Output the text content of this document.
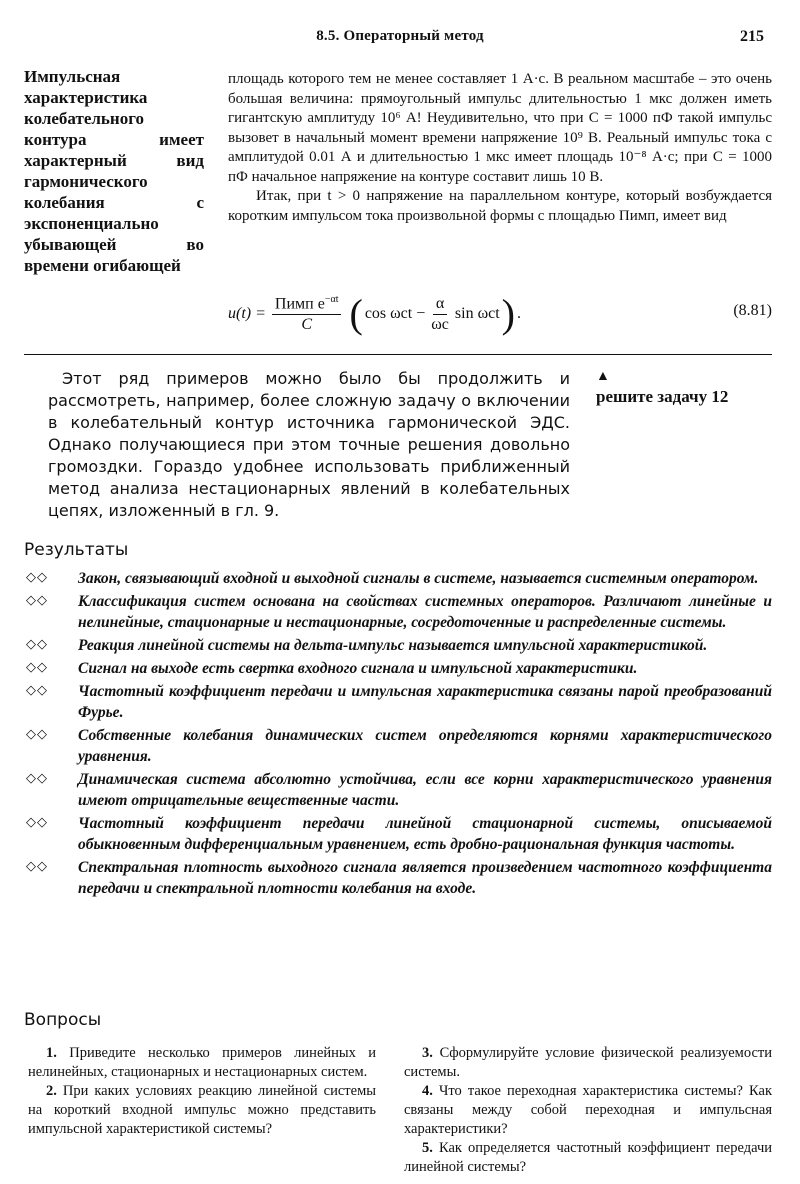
8.5. Операторный метод	215
Импульсная характеристика колебательного контура имеет характерный вид гармонического колебания с экспоненциально убывающей во времени огибающей

площадь которого тем не менее составляет 1 А·с. В реальном масштабе – это очень большая величина: прямоугольный импульс длительностью 1 мкс должен иметь гигантскую амплитуду 10⁶ А! Неудивительно, что при C = 1000 пФ такой импульс вызовет в начальный момент времени напряжение 10⁹ В. Реальный импульс тока с амплитудой 0.01 А и длительностью 1 мкс имеет площадь 10⁻⁸ А·с; при C = 1000 пФ начальное напряжение на контуре составит лишь 10 В.

Итак, при t > 0 напряжение на параллельном контуре, который возбуждается коротким импульсом тока произвольной формы с площадью Пимп, имеет вид

$u(t) = \frac{Пимп e^{-\alpha t}}{C}$ ( $\cos \omega ct - \frac{\alpha}{\omega c}$ sin ωct ) .	(8.81)
Этот ряд примеров можно было бы продолжить и рассмотреть, например, более сложную задачу о включении в колебательный контур источника гармонической ЭДС. Однако получающиеся при этом точные решения довольно громоздки. Гораздо удобнее использовать приближенный метод анализа нестационарных явлений в колебательных цепях, изложенный в гл. 9.
▲
решите задачу 12
Результаты
◇◇ Закон, связывающий входной и выходной сигналы в системе, называется системным оператором.
◇◇ Классификация систем основана на свойствах системных операторов. Различают линейные и нелинейные, стационарные и нестационарные, сосредоточенные и распределенные системы.
◇◇ Реакция линейной системы на дельта-импульс называется импульсной характеристикой.
◇◇ Сигнал на выходе есть свертка входного сигнала и импульсной характеристики.
◇◇ Частотный коэффициент передачи и импульсная характеристика связаны парой преобразований Фурье.
◇◇ Собственные колебания динамических систем определяются корнями характеристического уравнения.
◇◇ Динамическая система абсолютно устойчива, если все корни характеристического уравнения имеют отрицательные вещественные части.
◇◇ Частотный коэффициент передачи линейной стационарной системы, описываемой обыкновенным дифференциальным уравнением, есть дробно-рациональная функция частоты.
◇◇ Спектральная плотность выходного сигнала является произведением частотного коэффициента передачи и спектральной плотности колебания на входе.
Вопросы

1. Приведите несколько примеров линейных и нелинейных, стационарных и нестационарных систем.

2. При каких условиях реакцию линейной системы на короткий входной импульс можно представить импульсной характеристикой системы?

3. Сформулируйте условие физической реализуемости системы.

4. Что такое переходная характеристика системы? Как связаны между собой переходная и импульсная характеристики?

5. Как определяется частотный коэффициент передачи линейной системы?
